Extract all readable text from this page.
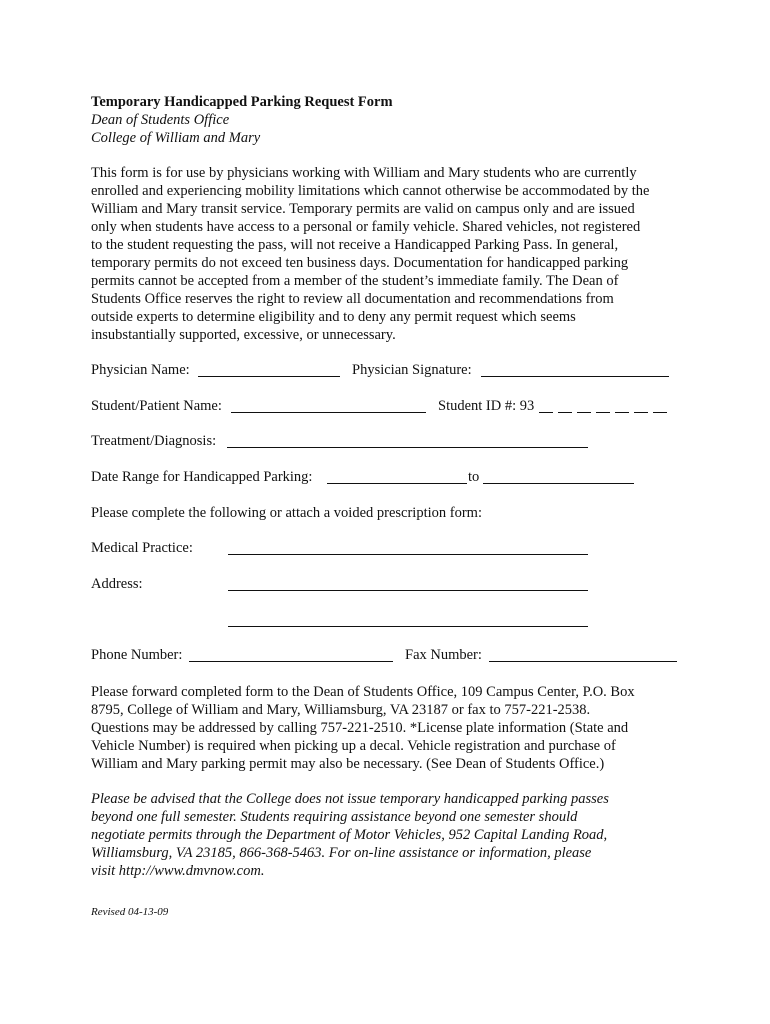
Temporary Handicapped Parking Request Form
Dean of Students Office
College of William and Mary
This form is for use by physicians working with William and Mary students who are currently
enrolled and experiencing mobility limitations which cannot otherwise be accommodated by the
William and Mary transit service. Temporary permits are valid on campus only and are issued
only when students have access to a personal or family vehicle. Shared vehicles, not registered
to the student requesting the pass, will not receive a Handicapped Parking Pass. In general,
temporary permits do not exceed ten business days. Documentation for handicapped parking
permits cannot be accepted from a member of the student’s immediate family. The Dean of
Students Office reserves the right to review all documentation and recommendations from
outside experts to determine eligibility and to deny any permit request which seems
insubstantially supported, excessive, or unnecessary.
Physician Name:	Physician Signature:
Student/Patient Name:	Student ID #: 93
Treatment/Diagnosis:
Date Range for Handicapped Parking:	to
Please complete the following or attach a voided prescription form:
Medical Practice:
Address:
Phone Number:	Fax Number:
Please forward completed form to the Dean of Students Office, 109 Campus Center, P.O. Box
8795, College of William and Mary, Williamsburg, VA 23187 or fax to 757-221-2538.
Questions may be addressed by calling 757-221-2510. *License plate information (State and
Vehicle Number) is required when picking up a decal. Vehicle registration and purchase of
William and Mary parking permit may also be necessary. (See Dean of Students Office.)
Please be advised that the College does not issue temporary handicapped parking passes
beyond one full semester. Students requiring assistance beyond one semester should
negotiate permits through the Department of Motor Vehicles, 952 Capital Landing Road,
Williamsburg, VA 23185, 866-368-5463. For on-line assistance or information, please
visit http://www.dmvnow.com.
Revised 04-13-09
